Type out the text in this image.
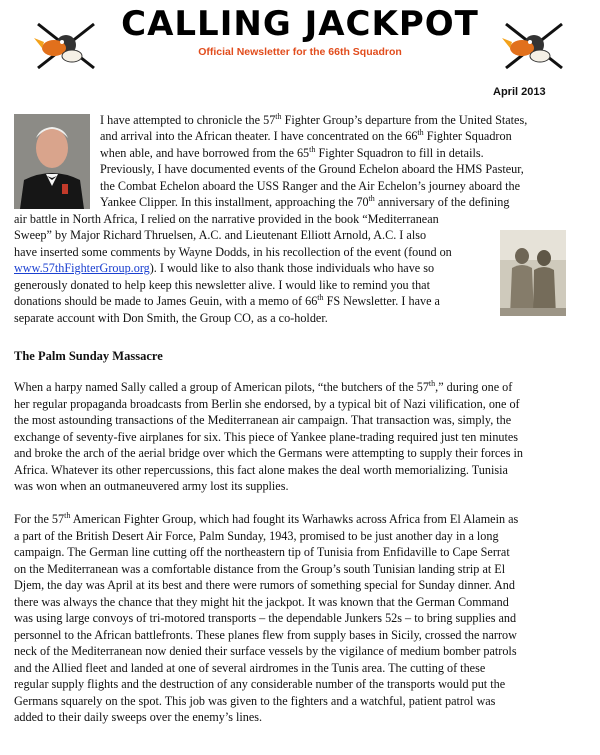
CALLING JACKPOT
Official Newsletter for the 66th Squadron
April 2013
I have attempted to chronicle the 57th Fighter Group’s departure from the United States,
and arrival into the African theater. I have concentrated on the 66th Fighter Squadron
when able, and have borrowed from the 65th Fighter Squadron to fill in details.
Previously, I have documented events of the Ground Echelon aboard the HMS Pasteur,
the Combat Echelon aboard the USS Ranger and the Air Echelon’s journey aboard the
Yankee Clipper. In this installment, approaching the 70th anniversary of the defining
air battle in North Africa, I relied on the narrative provided in the book “Mediterranean
Sweep” by Major Richard Thruelsen, A.C. and Lieutenant Elliott Arnold, A.C. I also
have inserted some comments by Wayne Dodds, in his recollection of the event (found on
www.57thFighterGroup.org). I would like to also thank those individuals who have so
generously donated to help keep this newsletter alive. I would like to remind you that
donations should be made to James Geuin, with a memo of 66th FS Newsletter. I have a
separate account with Don Smith, the Group CO, as a co-holder.
The Palm Sunday Massacre
When a harpy named Sally called a group of American pilots, “the butchers of the 57th,” during one of
her regular propaganda broadcasts from Berlin she endorsed, by a typical bit of Nazi vilification, one of
the most astounding transactions of the Mediterranean air campaign. That transaction was, simply, the
exchange of seventy-five airplanes for six. This piece of Yankee plane-trading required just ten minutes
and broke the arch of the aerial bridge over which the Germans were attempting to supply their forces in
Africa. Whatever its other repercussions, this fact alone makes the deal worth memorializing. Tunisia
was won when an outmaneuvered army lost its supplies.
For the 57th American Fighter Group, which had fought its Warhawks across Africa from El Alamein as
a part of the British Desert Air Force, Palm Sunday, 1943, promised to be just another day in a long
campaign. The German line cutting off the northeastern tip of Tunisia from Enfidaville to Cape Serrat
on the Mediterranean was a comfortable distance from the Group’s south Tunisian landing strip at El
Djem, the day was April at its best and there were rumors of something special for Sunday dinner. And
there was always the chance that they might hit the jackpot. It was known that the German Command
was using large convoys of tri-motored transports – the dependable Junkers 52s – to bring supplies and
personnel to the African battlefronts. These planes flew from supply bases in Sicily, crossed the narrow
neck of the Mediterranean now denied their surface vessels by the vigilance of medium bomber patrols
and the Allied fleet and landed at one of several airdromes in the Tunis area. The cutting of these
regular supply flights and the destruction of any considerable number of the transports would put the
Germans squarely on the spot. This job was given to the fighters and a watchful, patient patrol was
added to their daily sweeps over the enemy’s lines.
